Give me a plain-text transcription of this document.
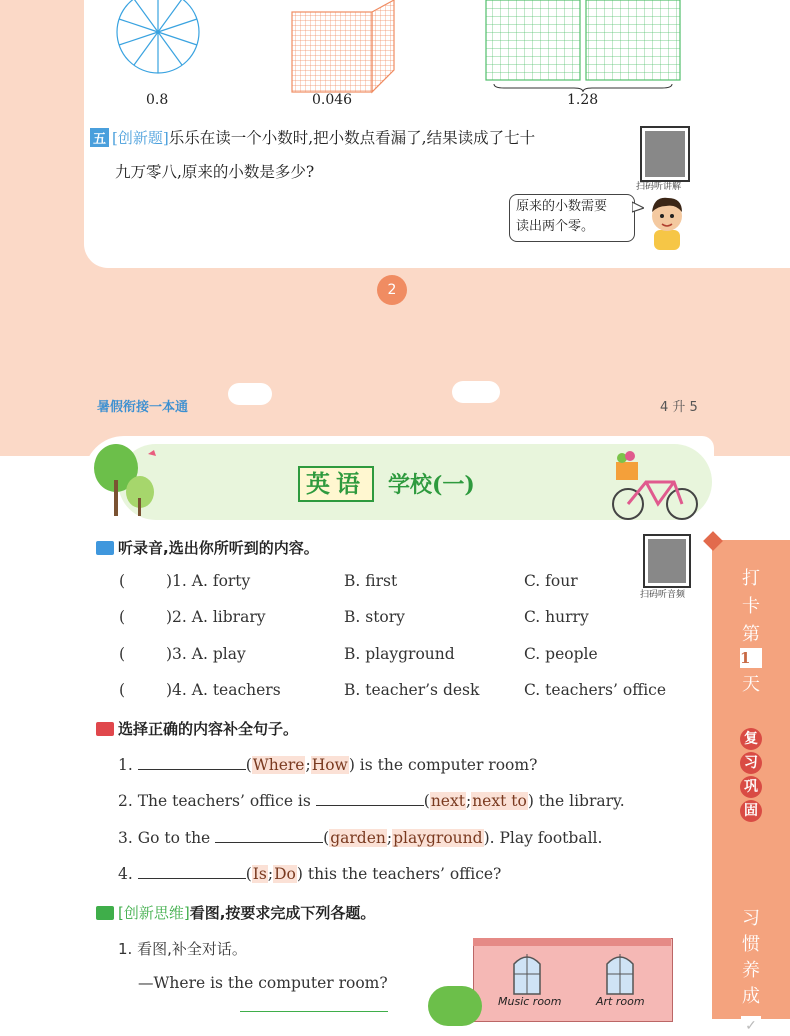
0.8	0.046	1.28
五 [创新题]乐乐在读一个小数时,把小数点看漏了,结果读成了七十
九万零八,原来的小数是多少?
扫码听讲解
原来的小数需要
读出两个零。
2
暑假衔接一本通	4 升 5
英语	学校(一)
打
卡
第
1
天
复
习
巩
固
习
惯
养
成
✓
听录音,选出你所听到的内容。
扫码听音频
(	)1. A. forty	B. first	C. four
(	)2. A. library	B. story	C. hurry
(	)3. A. play	B. playground	C. people
(	)4. A. teachers	B. teacher’s desk	C. teachers’ office
选择正确的内容补全句子。
1.	(Where;How) is the computer room?
2. The teachers’ office is	(next;next to) the library.
3. Go to the	(garden;playground). Play football.
4.	(Is;Do) this the teachers’ office?
[创新思维]看图,按要求完成下列各题。
1. 看图,补全对话。
—Where is the computer room?
Music room	Art room
